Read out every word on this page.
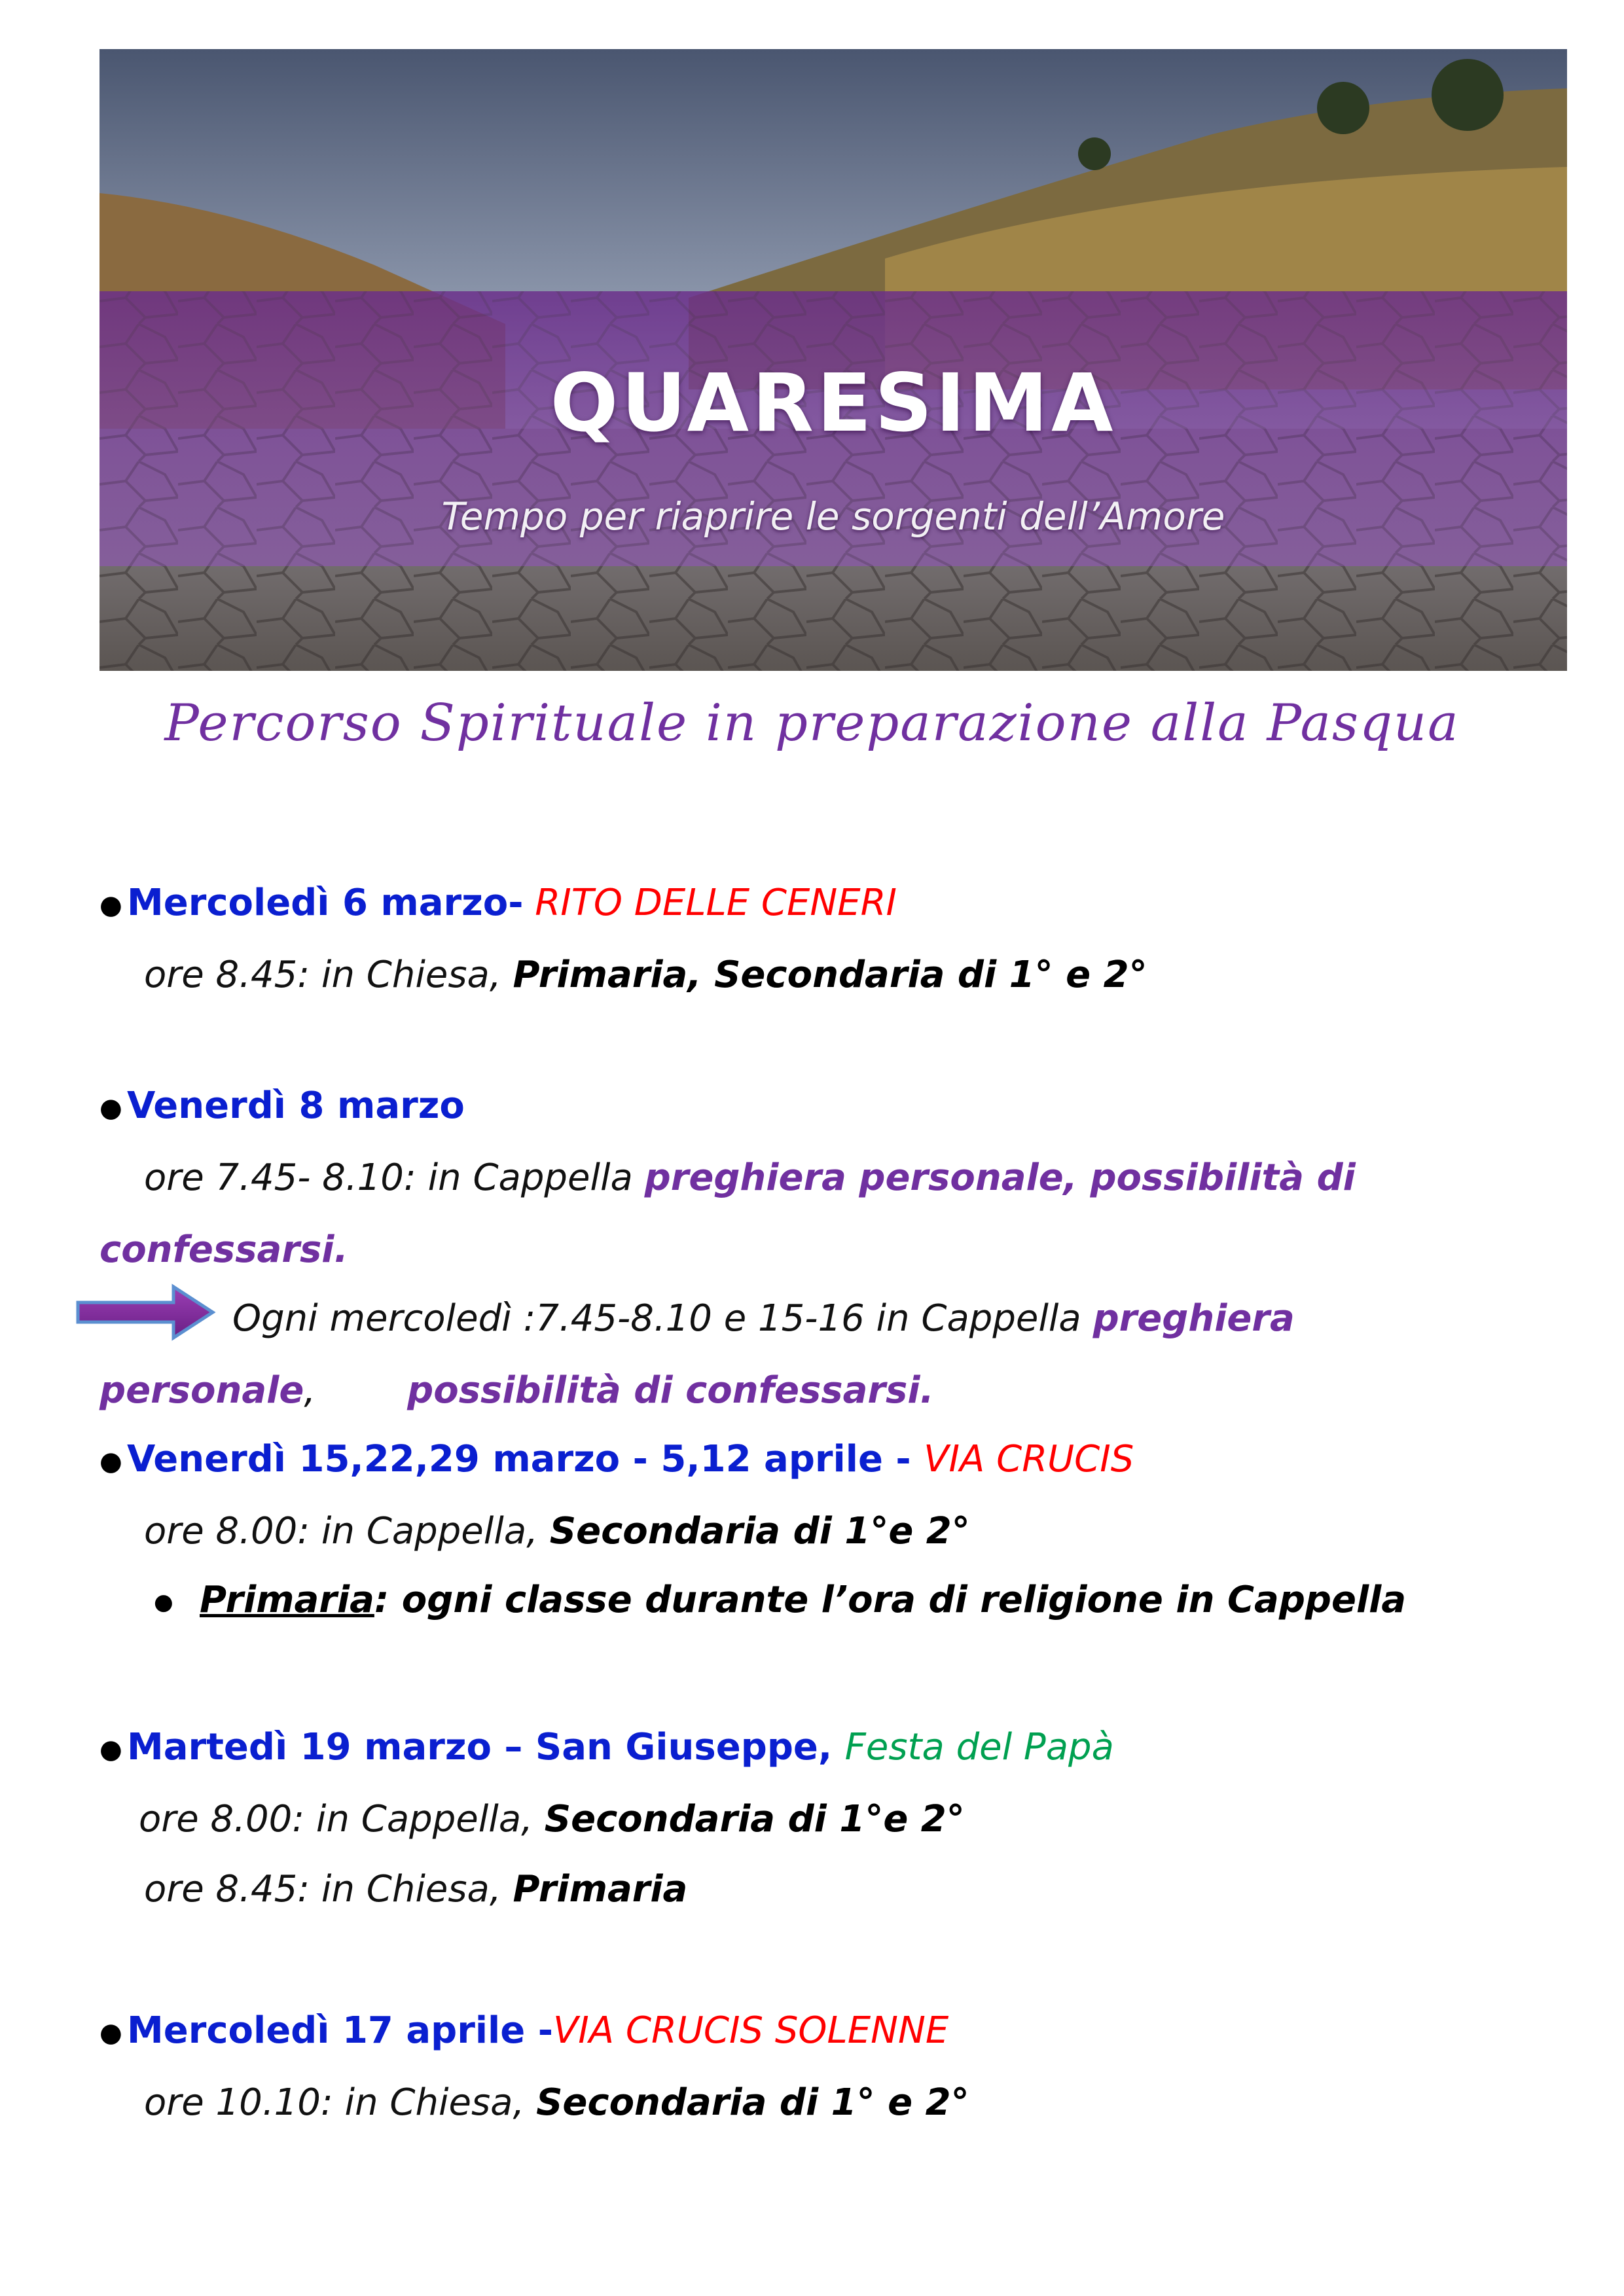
QUARESIMA
Tempo per riaprire le sorgenti dell’Amore
Percorso Spirituale in preparazione alla Pasqua
● Mercoledì 6 marzo- RITO DELLE CENERI
ore 8.45: in Chiesa, Primaria, Secondaria di 1° e 2°
● Venerdì 8 marzo
ore 7.45- 8.10: in Cappella preghiera personale, possibilità di
confessarsi.
Ogni mercoledì :7.45-8.10 e 15-16 in Cappella preghiera
personale,	possibilità di confessarsi.
● Venerdì 15,22,29 marzo - 5,12 aprile - VIA CRUCIS
ore 8.00: in Cappella, Secondaria di 1°e 2°
● Primaria: ogni classe durante l’ora di religione in Cappella
● Martedì 19 marzo – San Giuseppe, Festa del Papà
ore 8.00: in Cappella, Secondaria di 1°e 2°
ore 8.45: in Chiesa, Primaria
● Mercoledì 17 aprile -VIA CRUCIS SOLENNE
ore 10.10: in Chiesa, Secondaria di 1° e 2°
